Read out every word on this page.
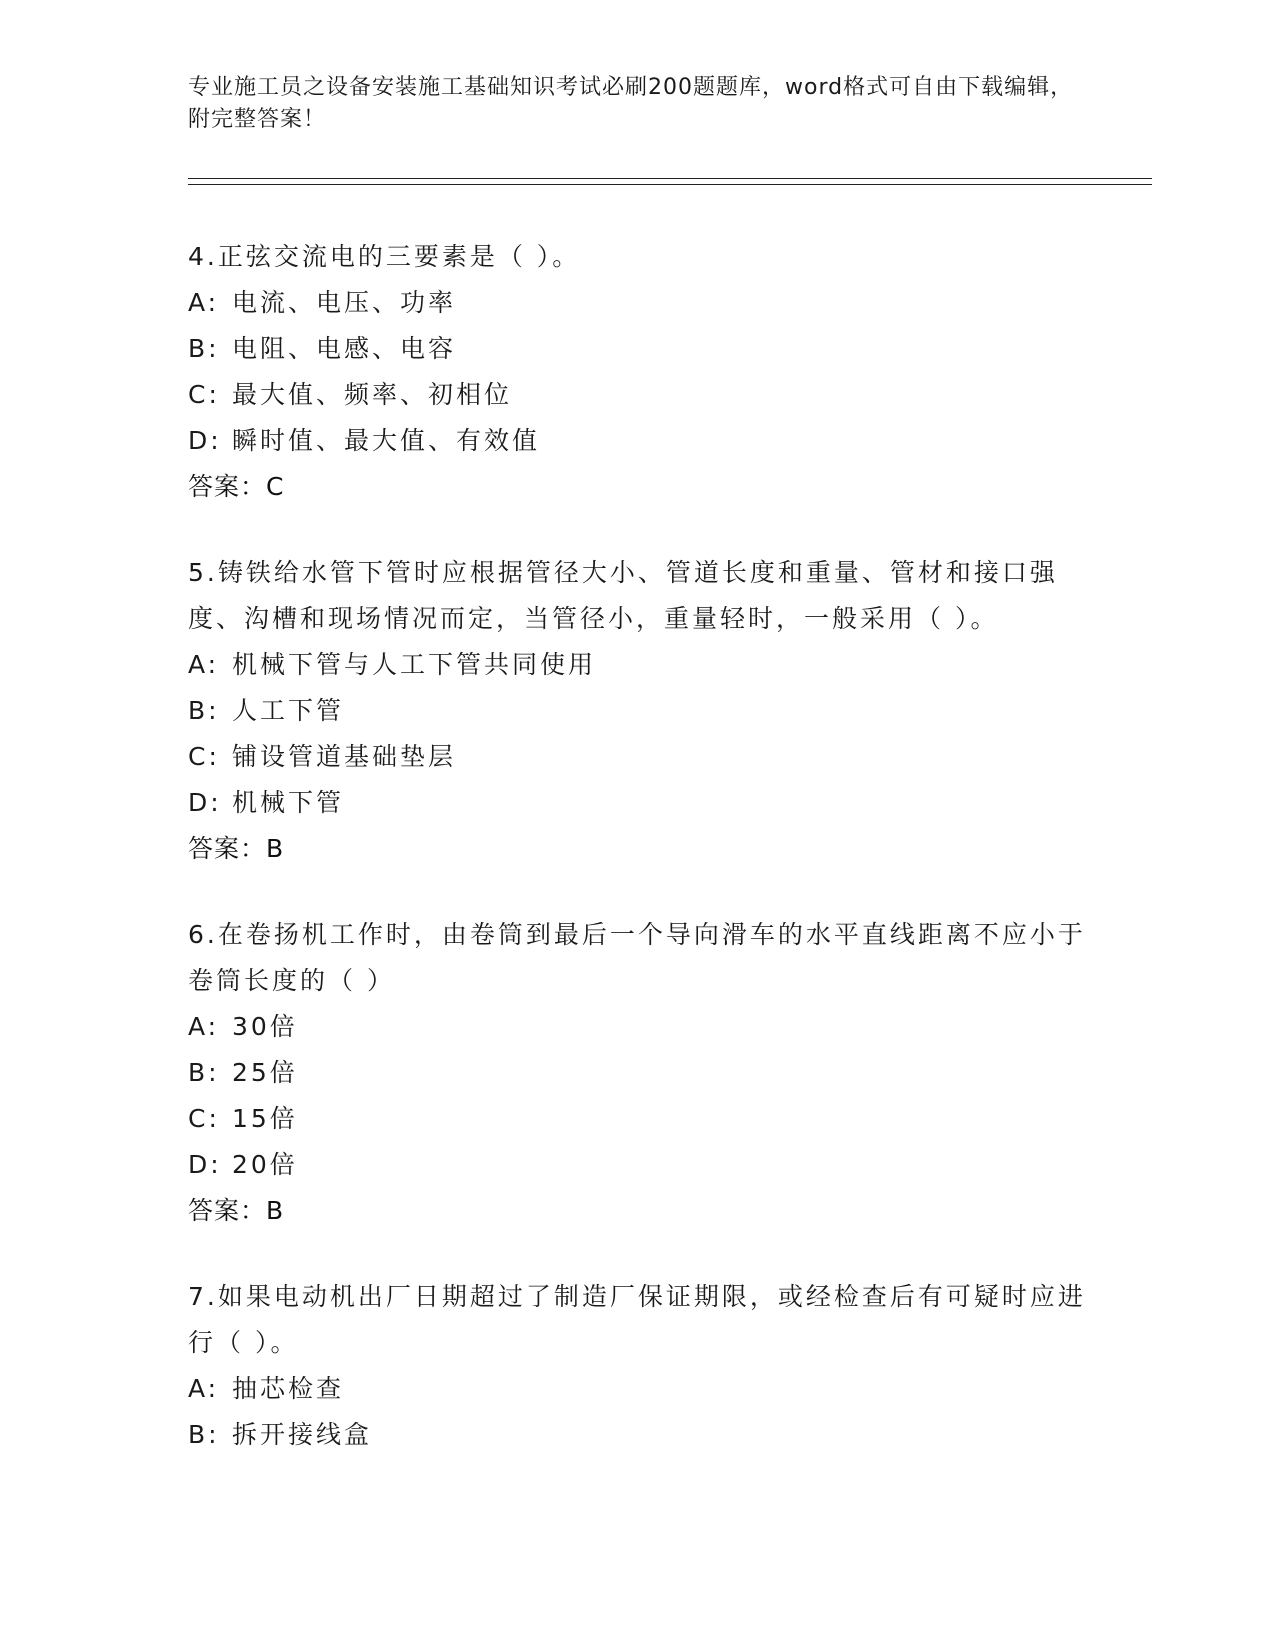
专业施工员之设备安装施工基础知识考试必刷200题题库，word格式可自由下载编辑，附完整答案！
4.正弦交流电的三要素是（ ）。
A: 电流、电压、功率
B: 电阻、电感、电容
C: 最大值、频率、初相位
D: 瞬时值、最大值、有效值
答案：C
5.铸铁给水管下管时应根据管径大小、管道长度和重量、管材和接口强度、沟槽和现场情况而定，当管径小，重量轻时，一般采用（ ）。
A: 机械下管与人工下管共同使用
B: 人工下管
C: 铺设管道基础垫层
D: 机械下管
答案：B
6.在卷扬机工作时，由卷筒到最后一个导向滑车的水平直线距离不应小于卷筒长度的（ ）
A: 30倍
B: 25倍
C: 15倍
D: 20倍
答案：B
7.如果电动机出厂日期超过了制造厂保证期限，或经检查后有可疑时应进行（ ）。
A: 抽芯检查
B: 拆开接线盒
